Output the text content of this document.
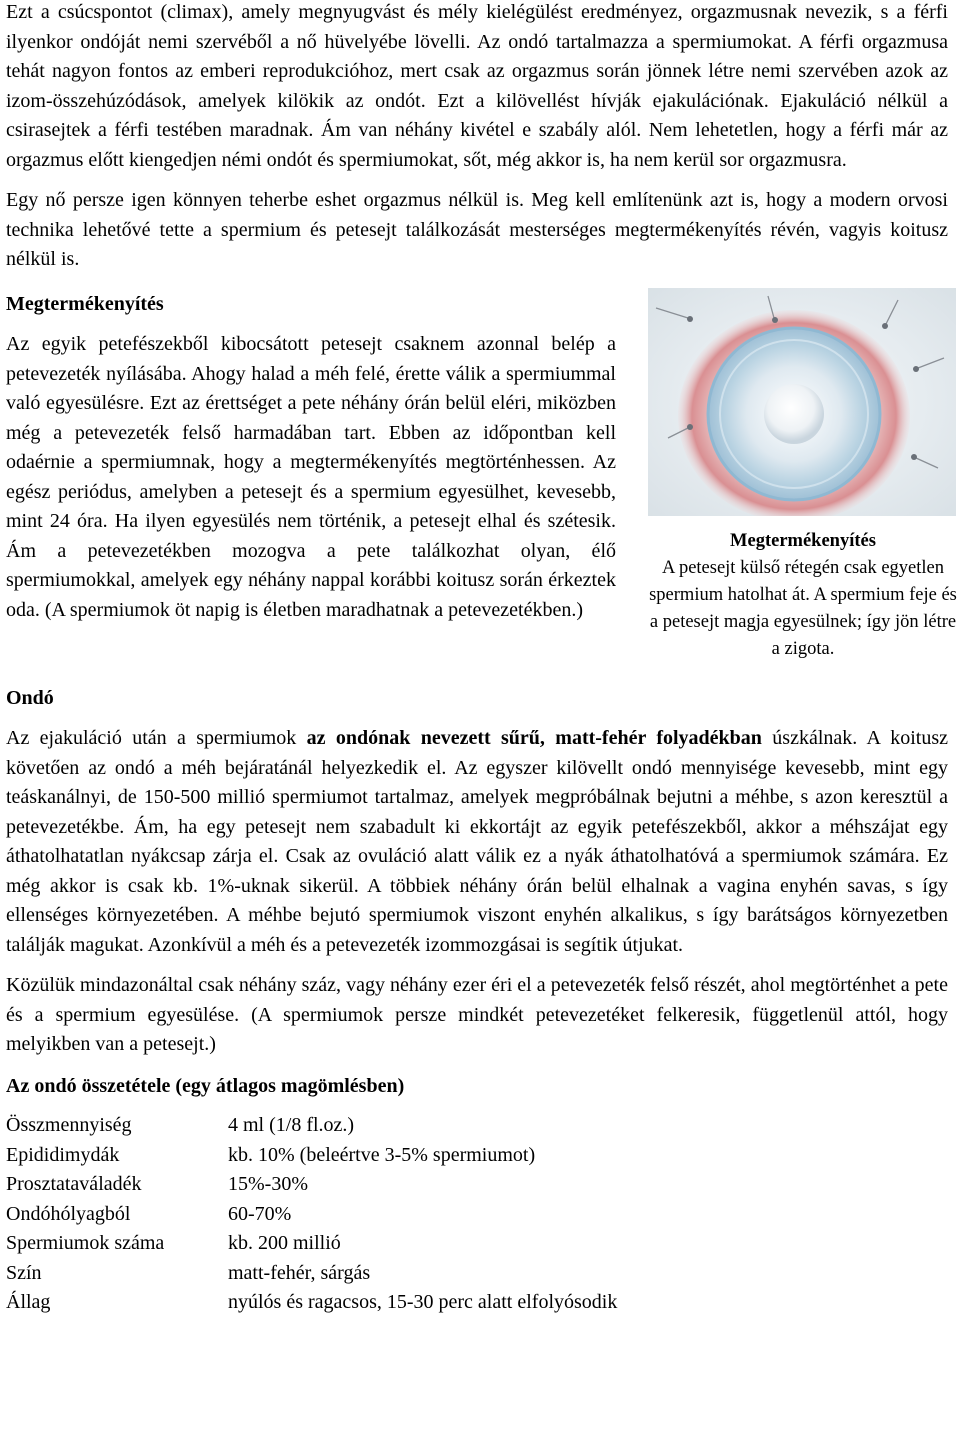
Ezt a csúcspontot (climax), amely megnyugvást és mély kielégülést eredményez, orgazmusnak nevezik, s a férfi ilyenkor ondóját nemi szervéből a nő hüvelyébe lövelli. Az ondó tartalmazza a spermiumokat. A férfi orgazmusa tehát nagyon fontos az emberi reprodukcióhoz, mert csak az orgazmus során jönnek létre nemi szervében azok az izom-összehúzódások, amelyek kilökik az ondót. Ezt a kilövellést hívják ejakulációnak. Ejakuláció nélkül a csirasejtek a férfi testében maradnak. Ám van néhány kivétel e szabály alól. Nem lehetetlen, hogy a férfi már az orgazmus előtt kiengedjen némi ondót és spermiumokat, sőt, még akkor is, ha nem kerül sor orgazmusra.

Egy nő persze igen könnyen teherbe eshet orgazmus nélkül is. Meg kell említenünk azt is, hogy a modern orvosi technika lehetővé tette a spermium és petesejt találkozását mesterséges megtermékenyítés révén, vagyis koitusz nélkül is.

Megtermékenyítés

Az egyik petefészekből kibocsátott petesejt csaknem azonnal belép a petevezeték nyílásába. Ahogy halad a méh felé, érette válik a spermiummal való egyesülésre. Ezt az érettséget a pete néhány órán belül eléri, miközben még a petevezeték felső harmadában tart. Ebben az időpontban kell odaérnie a spermiumnak, hogy a megtermékenyítés megtörténhessen. Az egész periódus, amelyben a petesejt és a spermium egyesülhet, kevesebb, mint 24 óra. Ha ilyen egyesülés nem történik, a petesejt elhal és szétesik. Ám a petevezetékben mozogva a pete találkozhat olyan, élő spermiumokkal, amelyek egy néhány nappal korábbi koitusz során érkeztek oda. (A spermiumok öt napig is életben maradhatnak a petevezetékben.)

Megtermékenyítés
A petesejt külső rétegén csak egyetlen spermium hatolhat át. A spermium feje és a petesejt magja egyesülnek; így jön létre a zigota.
Ondó

Az ejakuláció után a spermiumok az ondónak nevezett sűrű, matt-fehér folyadékban úszkálnak. A koitusz követően az ondó a méh bejáratánál helyezkedik el. Az egyszer kilövellt ondó mennyisége kevesebb, mint egy teáskanálnyi, de 150-500 millió spermiumot tartalmaz, amelyek megpróbálnak bejutni a méhbe, s azon keresztül a petevezetékbe. Ám, ha egy petesejt nem szabadult ki ekkortájt az egyik petefészekből, akkor a méhszájat egy áthatolhatatlan nyákcsap zárja el. Csak az ovuláció alatt válik ez a nyák áthatolhatóvá a spermiumok számára. Ez még akkor is csak kb. 1%-uknak sikerül. A többiek néhány órán belül elhalnak a vagina enyhén savas, s így ellenséges környezetében. A méhbe bejutó spermiumok viszont enyhén alkalikus, s így barátságos környezetben találják magukat. Azonkívül a méh és a petevezeték izommozgásai is segítik útjukat.

Közülük mindazonáltal csak néhány száz, vagy néhány ezer éri el a petevezeték felső részét, ahol megtörténhet a pete és a spermium egyesülése. (A spermiumok persze mindkét petevezetéket felkeresik, függetlenül attól, hogy melyikben van a petesejt.)

Az ondó összetétele (egy átlagos magömlésben)
Összmennyiség	4 ml (1/8 fl.oz.)
Epididimydák	kb. 10% (beleértve 3-5% spermiumot)
Prosztataváladék	15%-30%
Ondóhólyagból	60-70%
Spermiumok száma	kb. 200 millió
Szín	matt-fehér, sárgás
Állag	nyúlós és ragacsos, 15-30 perc alatt elfolyósodik
